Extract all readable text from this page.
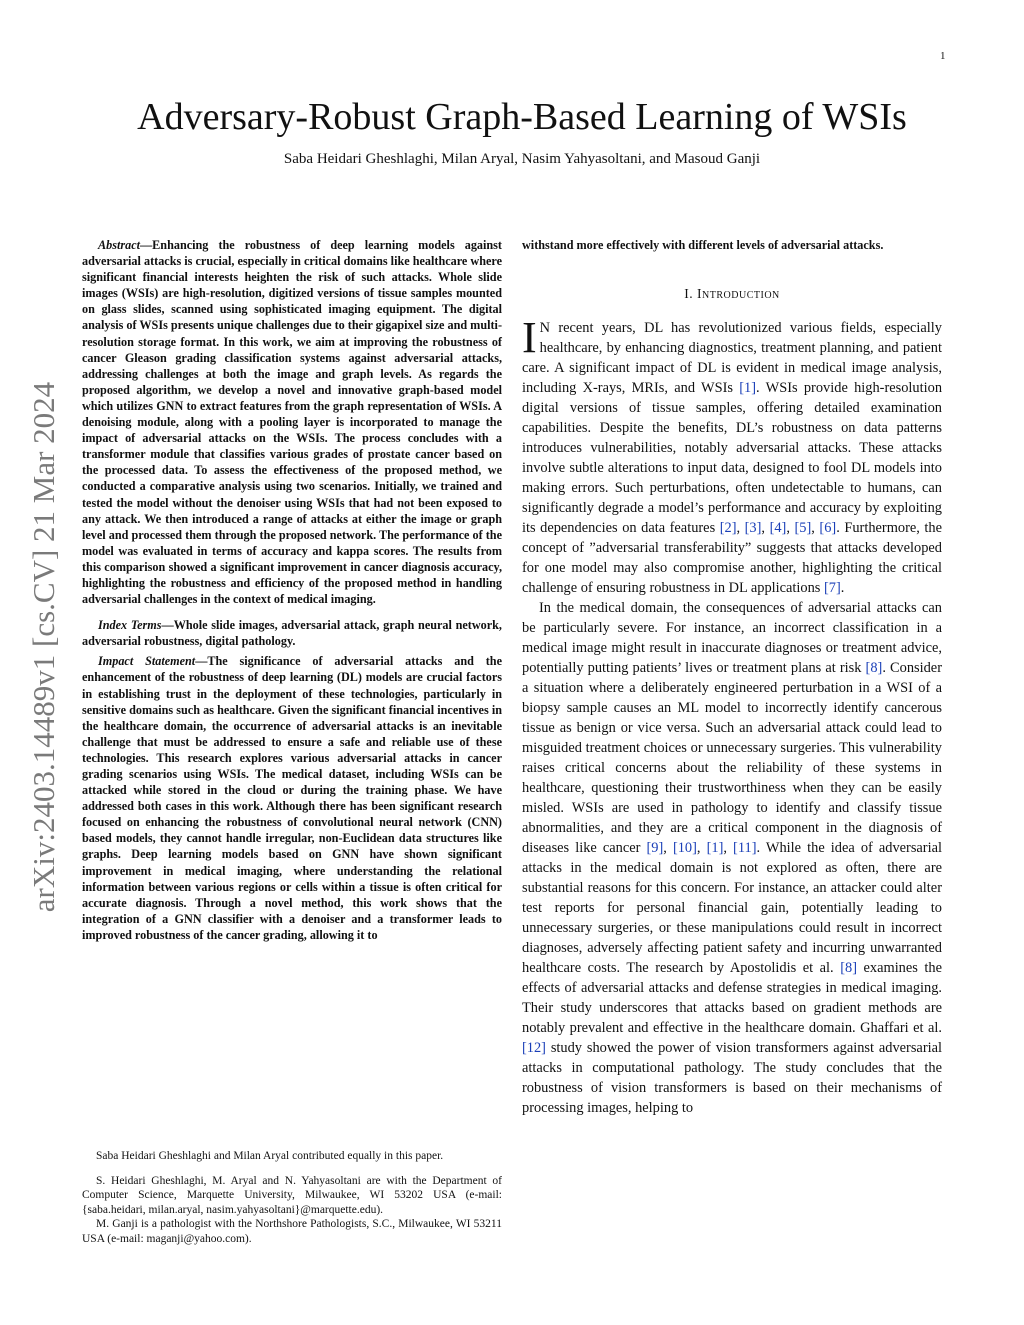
1
arXiv:2403.14489v1 [cs.CV] 21 Mar 2024
Adversary-Robust Graph-Based Learning of WSIs
Saba Heidari Gheshlaghi, Milan Aryal, Nasim Yahyasoltani, and Masoud Ganji

Abstract—Enhancing the robustness of deep learning models against adversarial attacks is crucial, especially in critical domains like healthcare where significant financial interests heighten the risk of such attacks. Whole slide images (WSIs) are high-resolution, digitized versions of tissue samples mounted on glass slides, scanned using sophisticated imaging equipment. The digital analysis of WSIs presents unique challenges due to their gigapixel size and multi-resolution storage format. In this work, we aim at improving the robustness of cancer Gleason grading classification systems against adversarial attacks, addressing challenges at both the image and graph levels. As regards the proposed algorithm, we develop a novel and innovative graph-based model which utilizes GNN to extract features from the graph representation of WSIs. A denoising module, along with a pooling layer is incorporated to manage the impact of adversarial attacks on the WSIs. The process concludes with a transformer module that classifies various grades of prostate cancer based on the processed data. To assess the effectiveness of the proposed method, we conducted a comparative analysis using two scenarios. Initially, we trained and tested the model without the denoiser using WSIs that had not been exposed to any attack. We then introduced a range of attacks at either the image or graph level and processed them through the proposed network. The performance of the model was evaluated in terms of accuracy and kappa scores. The results from this comparison showed a significant improvement in cancer diagnosis accuracy, highlighting the robustness and efficiency of the proposed method in handling adversarial challenges in the context of medical imaging.

Index Terms—Whole slide images, adversarial attack, graph neural network, adversarial robustness, digital pathology.

Impact Statement—The significance of adversarial attacks and the enhancement of the robustness of deep learning (DL) models are crucial factors in establishing trust in the deployment of these technologies, particularly in sensitive domains such as healthcare. Given the significant financial incentives in the healthcare domain, the occurrence of adversarial attacks is an inevitable challenge that must be addressed to ensure a safe and reliable use of these technologies. This research explores various adversarial attacks in cancer grading scenarios using WSIs. The medical dataset, including WSIs can be attacked while stored in the cloud or during the training phase. We have addressed both cases in this work. Although there has been significant research focused on enhancing the robustness of convolutional neural network (CNN) based models, they cannot handle irregular, non-Euclidean data structures like graphs. Deep learning models based on GNN have shown significant improvement in medical imaging, where understanding the relational information between various regions or cells within a tissue is often critical for accurate diagnosis. Through a novel method, this work shows that the integration of a GNN classifier with a denoiser and a transformer leads to improved robustness of the cancer grading, allowing it to

Saba Heidari Gheshlaghi and Milan Aryal contributed equally in this paper.

S. Heidari Gheshlaghi, M. Aryal and N. Yahyasoltani are with the Department of Computer Science, Marquette University, Milwaukee, WI 53202 USA (e-mail: {saba.heidari, milan.aryal, nasim.yahyasoltani}@marquette.edu).

M. Ganji is a pathologist with the Northshore Pathologists, S.C., Milwaukee, WI 53211 USA (e-mail: maganji@yahoo.com).

withstand more effectively with different levels of adversarial attacks.

I. Introduction

I N recent years, DL has revolutionized various fields, especially healthcare, by enhancing diagnostics, treatment planning, and patient care. A significant impact of DL is evident in medical image analysis, including X-rays, MRIs, and WSIs [1]. WSIs provide high-resolution digital versions of tissue samples, offering detailed examination capabilities. Despite the benefits, DL’s robustness on data patterns introduces vulnerabilities, notably adversarial attacks. These attacks involve subtle alterations to input data, designed to fool DL models into making errors. Such perturbations, often undetectable to humans, can significantly degrade a model’s performance and accuracy by exploiting its dependencies on data features [2], [3], [4], [5], [6]. Furthermore, the concept of ”adversarial transferability” suggests that attacks developed for one model may also compromise another, highlighting the critical challenge of ensuring robustness in DL applications [7].

In the medical domain, the consequences of adversarial attacks can be particularly severe. For instance, an incorrect classification in a medical image might result in inaccurate diagnoses or treatment advice, potentially putting patients’ lives or treatment plans at risk [8]. Consider a situation where a deliberately engineered perturbation in a WSI of a biopsy sample causes an ML model to incorrectly identify cancerous tissue as benign or vice versa. Such an adversarial attack could lead to misguided treatment choices or unnecessary surgeries. This vulnerability raises critical concerns about the reliability of these systems in healthcare, questioning their trustworthiness when they can be easily misled. WSIs are used in pathology to identify and classify tissue abnormalities, and they are a critical component in the diagnosis of diseases like cancer [9], [10], [1], [11]. While the idea of adversarial attacks in the medical domain is not explored as often, there are substantial reasons for this concern. For instance, an attacker could alter test reports for personal financial gain, potentially leading to unnecessary surgeries, or these manipulations could result in incorrect diagnoses, adversely affecting patient safety and incurring unwarranted healthcare costs. The research by Apostolidis et al. [8] examines the effects of adversarial attacks and defense strategies in medical imaging. Their study underscores that attacks based on gradient methods are notably prevalent and effective in the healthcare domain. Ghaffari et al. [12] study showed the power of vision transformers against adversarial attacks in computational pathology. The study concludes that the robustness of vision transformers is based on their mechanisms of processing images, helping to
